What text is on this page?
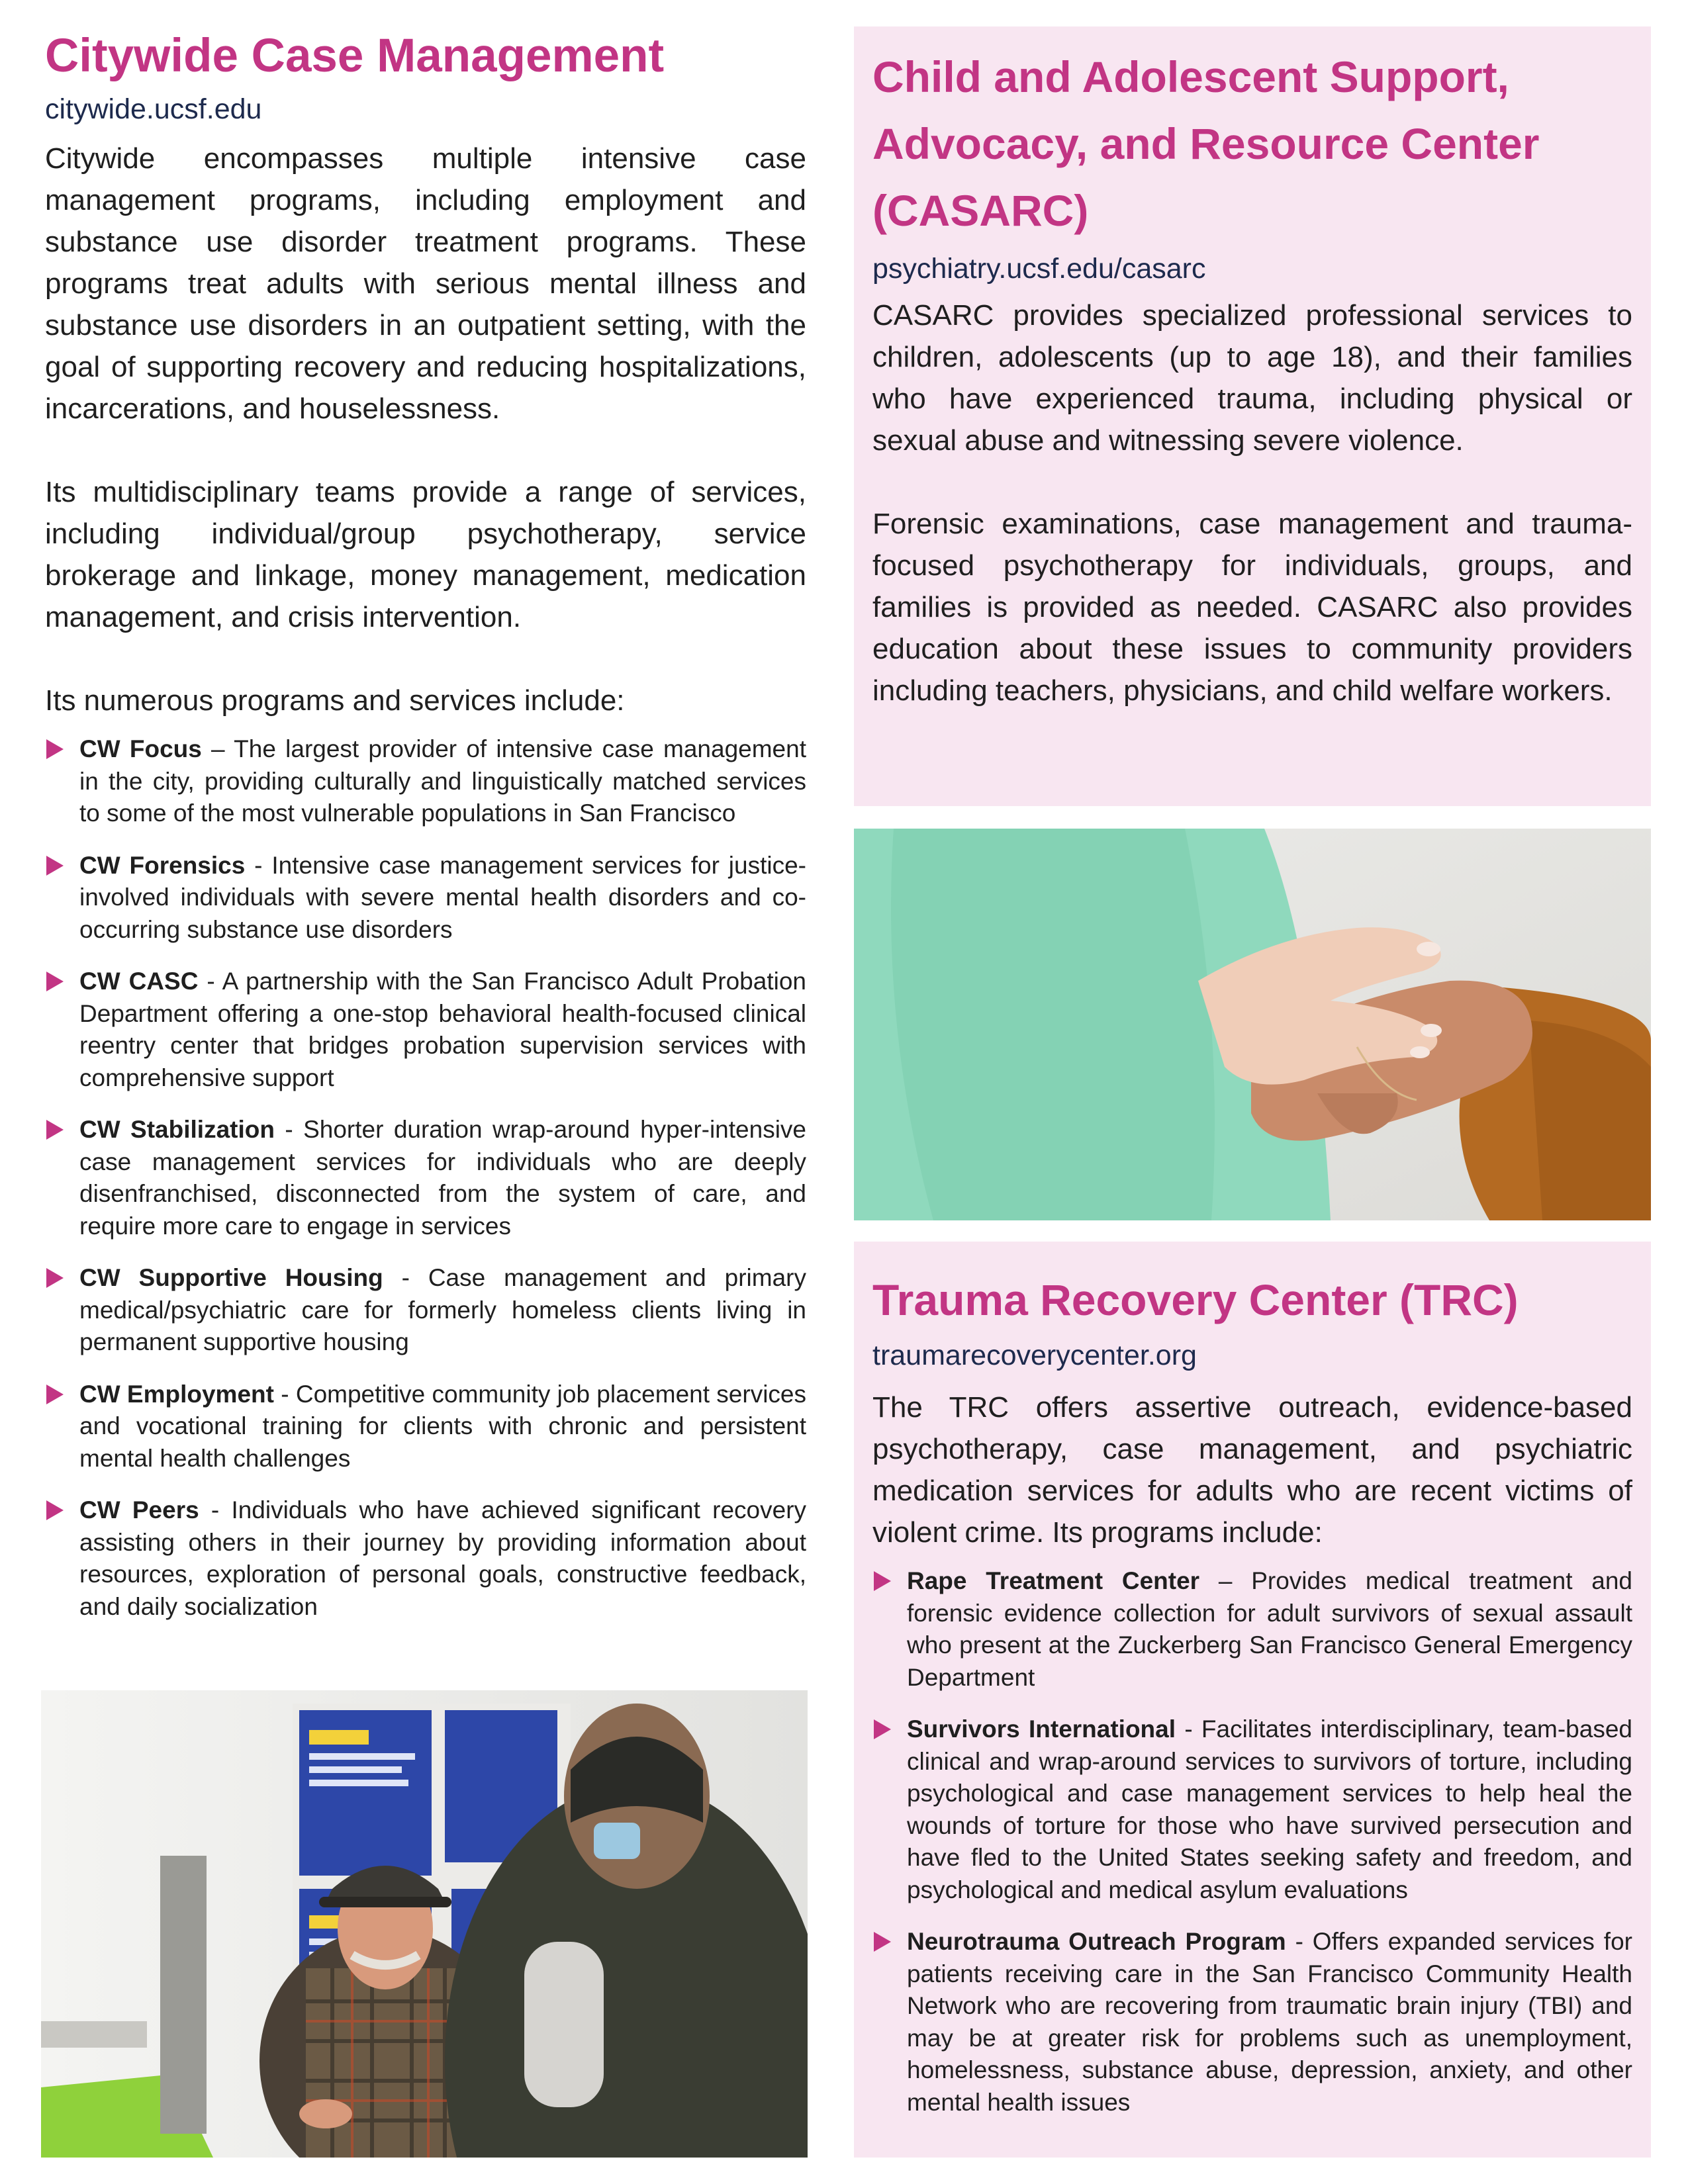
Citywide Case Management
citywide.ucsf.edu

Citywide encompasses multiple intensive case management programs, including employment and substance use disorder treatment programs. These programs treat adults with serious mental illness and substance use disorders in an outpatient setting, with the goal of supporting recovery and reducing hospitalizations, incarcerations, and houselessness.

Its multidisciplinary teams provide a range of services, including individual/group psychotherapy, service brokerage and linkage, money management, medication management, and crisis intervention.

Its numerous programs and services include:

CW Focus – The largest provider of intensive case management in the city, providing culturally and linguistically matched services to some of the most vulnerable populations in San Francisco
CW Forensics - Intensive case management services for justice-involved individuals with severe mental health disorders and co-occurring substance use disorders
CW CASC - A partnership with the San Francisco Adult Probation Department offering a one-stop behavioral health-focused clinical reentry center that bridges probation supervision services with comprehensive support
CW Stabilization - Shorter duration wrap-around hyper-intensive case management services for individuals who are deeply disenfranchised, disconnected from the system of care, and require more care to engage in services
CW Supportive Housing - Case management and primary medical/psychiatric care for formerly homeless clients living in permanent supportive housing
CW Employment - Competitive community job placement services and vocational training for clients with chronic and persistent mental health challenges
CW Peers - Individuals who have achieved significant recovery assisting others in their journey by providing information about resources, exploration of personal goals, constructive feedback, and daily socialization
Child and Adolescent Support, Advocacy, and Resource Center (CASARC)
psychiatry.ucsf.edu/casarc

CASARC provides specialized professional services to children, adolescents (up to age 18), and their families who have experienced trauma, including physical or sexual abuse and witnessing severe violence.

Forensic examinations, case management and trauma-focused psychotherapy for individuals, groups, and families is provided as needed. CASARC also provides education about these issues to community providers including teachers, physicians, and child welfare workers.

Trauma Recovery Center (TRC)
traumarecoverycenter.org

The TRC offers assertive outreach, evidence-based psychotherapy, case management, and psychiatric medication services for adults who are recent victims of violent crime. Its programs include:

Rape Treatment Center – Provides medical treatment and forensic evidence collection for adult survivors of sexual assault who present at the Zuckerberg San Francisco General Emergency Department
Survivors International - Facilitates interdisciplinary, team-based clinical and wrap-around services to survivors of torture, including psychological and case management services to help heal the wounds of torture for those who have survived persecution and have fled to the United States seeking safety and freedom, and psychological and medical asylum evaluations
Neurotrauma Outreach Program - Offers expanded services for patients receiving care in the San Francisco Community Health Network who are recovering from traumatic brain injury (TBI) and may be at greater risk for problems such as unemployment, homelessness, substance abuse, depression, anxiety, and other mental health issues
